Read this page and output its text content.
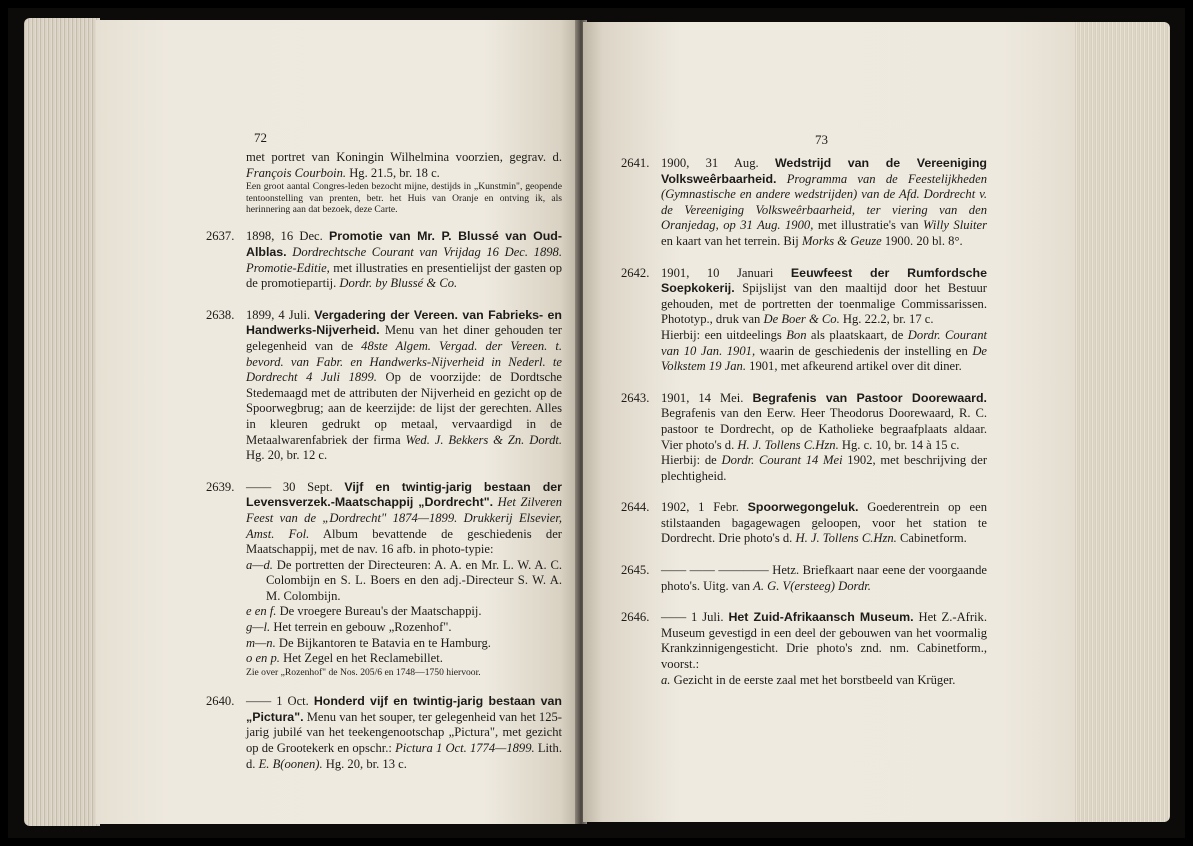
72
met portret van Koningin Wilhelmina voorzien, gegrav. d. François Courboin. Hg. 21.5, br. 18 c.
Een groot aantal Congres-leden bezocht mijne, destijds in „Kunstmin", geopende tentoonstelling van prenten, betr. het Huis van Oranje en ontving ik, als herinnering aan dat bezoek, deze Carte.
2637. 1898, 16 Dec. Promotie van Mr. P. Blussé van Oud-Alblas. Dordrechtsche Courant van Vrijdag 16 Dec. 1898. Promotie-Editie, met illustraties en presentielijst der gasten op de promotiepartij. Dordr. by Blussé & Co.
2638. 1899, 4 Juli. Vergadering der Vereen. van Fabrieks- en Handwerks-Nijverheid. Menu van het diner gehouden ter gelegenheid van de 48ste Algem. Vergad. der Vereen. t. bevord. van Fabr. en Handwerks-Nijverheid in Nederl. te Dordrecht 4 Juli 1899. Op de voorzijde: de Dordtsche Stedemaagd met de attributen der Nijverheid en gezicht op de Spoorwegbrug; aan de keerzijde: de lijst der gerechten. Alles in kleuren gedrukt op metaal, vervaardigd in de Metaalwarenfabriek der firma Wed. J. Bekkers & Zn. Dordt. Hg. 20, br. 12 c.
2639. —— 30 Sept. Vijf en twintig-jarig bestaan der Levensverzek.-Maatschappij „Dordrecht". Het Zilveren Feest van de „Dordrecht" 1874—1899. Drukkerij Elsevier, Amst. Fol. Album bevattende de geschiedenis der Maatschappij, met de nav. 16 afb. in photo-typie:
a—d. De portretten der Directeuren: A. A. en Mr. L. W. A. C. Colombijn en S. L. Boers en den adj.-Directeur S. W. A. M. Colombijn.
e en f. De vroegere Bureau's der Maatschappij.
g—l. Het terrein en gebouw „Rozenhof".
m—n. De Bijkantoren te Batavia en te Hamburg.
o en p. Het Zegel en het Reclamebillet.
Zie over „Rozenhof" de Nos. 205/6 en 1748—1750 hiervoor.
2640. —— 1 Oct. Honderd vijf en twintig-jarig bestaan van „Pictura". Menu van het souper, ter gelegenheid van het 125-jarig jubilé van het teekengenootschap „Pictura", met gezicht op de Grootekerk en opschr.: Pictura 1 Oct. 1774—1899. Lith. d. E. B(oonen). Hg. 20, br. 13 c.
73
2641. 1900, 31 Aug. Wedstrijd van de Vereeniging Volksweêrbaarheid. Programma van de Feestelijkheden (Gymnastische en andere wedstrijden) van de Afd. Dordrecht v. de Vereeniging Volksweêrbaarheid, ter viering van den Oranjedag, op 31 Aug. 1900, met illustratie's van Willy Sluiter en kaart van het terrein. Bij Morks & Geuze 1900. 20 bl. 8°.
2642. 1901, 10 Januari Eeuwfeest der Rumfordsche Soepkokerij. Spijslijst van den maaltijd door het Bestuur gehouden, met de portretten der toenmalige Commissarissen. Phototyp., druk van De Boer & Co. Hg. 22.2, br. 17 c.
Hierbij: een uitdeelings Bon als plaatskaart, de Dordr. Courant van 10 Jan. 1901, waarin de geschiedenis der instelling en De Volkstem 19 Jan. 1901, met afkeurend artikel over dit diner.
2643. 1901, 14 Mei. Begrafenis van Pastoor Doorewaard. Begrafenis van den Eerw. Heer Theodorus Doorewaard, R. C. pastoor te Dordrecht, op de Katholieke begraafplaats aldaar. Vier photo's d. H. J. Tollens C.Hzn. Hg. c. 10, br. 14 à 15 c.
Hierbij: de Dordr. Courant 14 Mei 1902, met beschrijving der plechtigheid.
2644. 1902, 1 Febr. Spoorwegongeluk. Goederentrein op een stilstaanden bagagewagen geloopen, voor het station te Dordrecht. Drie photo's d. H. J. Tollens C.Hzn. Cabinetform.
2645. —— —— ———— Hetz. Briefkaart naar eene der voorgaande photo's. Uitg. van A. G. V(ersteeg) Dordr.
2646. —— 1 Juli. Het Zuid-Afrikaansch Museum. Het Z.-Afrik. Museum gevestigd in een deel der gebouwen van het voormalig Krankzinnigengesticht. Drie photo's znd. nm. Cabinetform., voorst.:
a. Gezicht in de eerste zaal met het borstbeeld van Krüger.
